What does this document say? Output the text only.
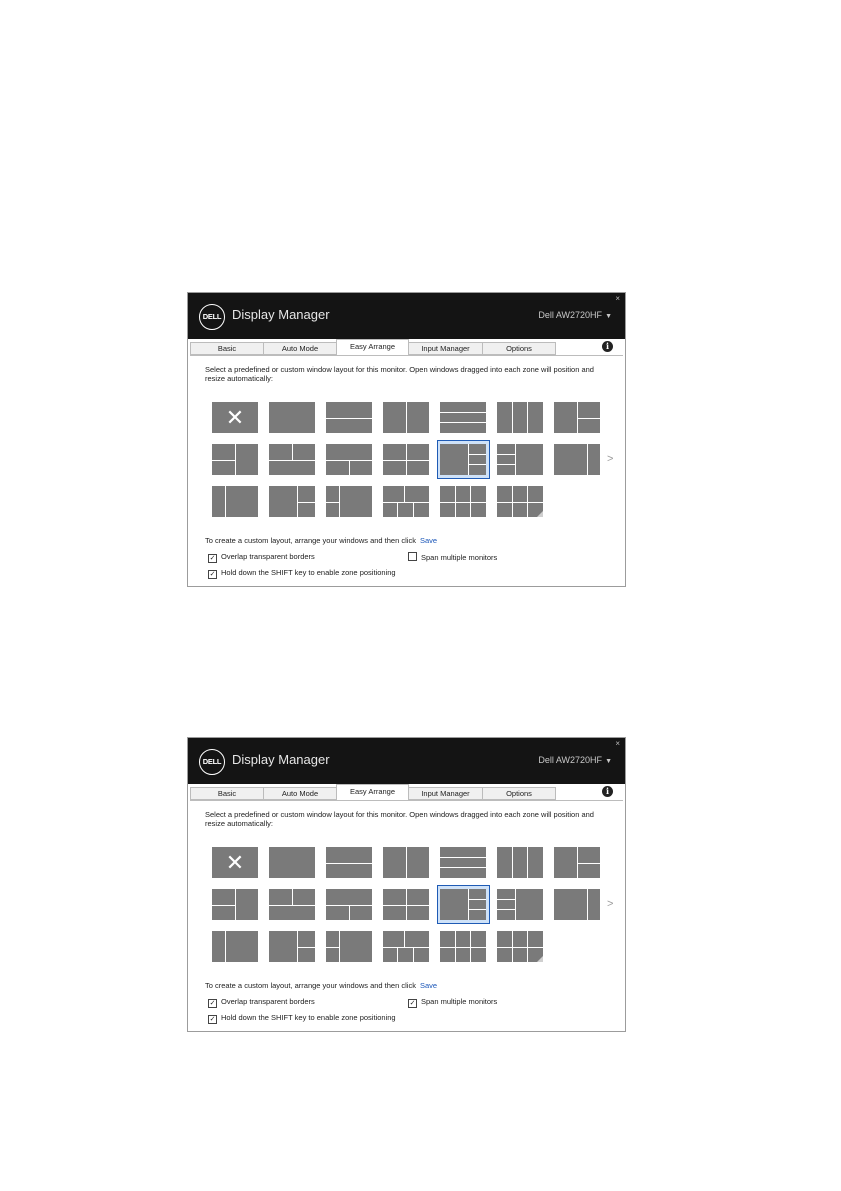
DELL Display Manager	Dell AW2720HF ▼
×
Basic	Auto Mode	Easy Arrange	Input Manager	Options	i
Select a predefined or custom window layout for this monitor. Open windows dragged into each zone will position and resize automatically:
✕
>
To create a custom layout, arrange your windows and then click Save
✓ Overlap transparent borders	Span multiple monitors
✓ Hold down the SHIFT key to enable zone positioning
DELL Display Manager	Dell AW2720HF ▼
×
Basic	Auto Mode	Easy Arrange	Input Manager	Options	i
Select a predefined or custom window layout for this monitor. Open windows dragged into each zone will position and resize automatically:
✕
>
To create a custom layout, arrange your windows and then click Save
✓ Overlap transparent borders	✓ Span multiple monitors
✓ Hold down the SHIFT key to enable zone positioning
